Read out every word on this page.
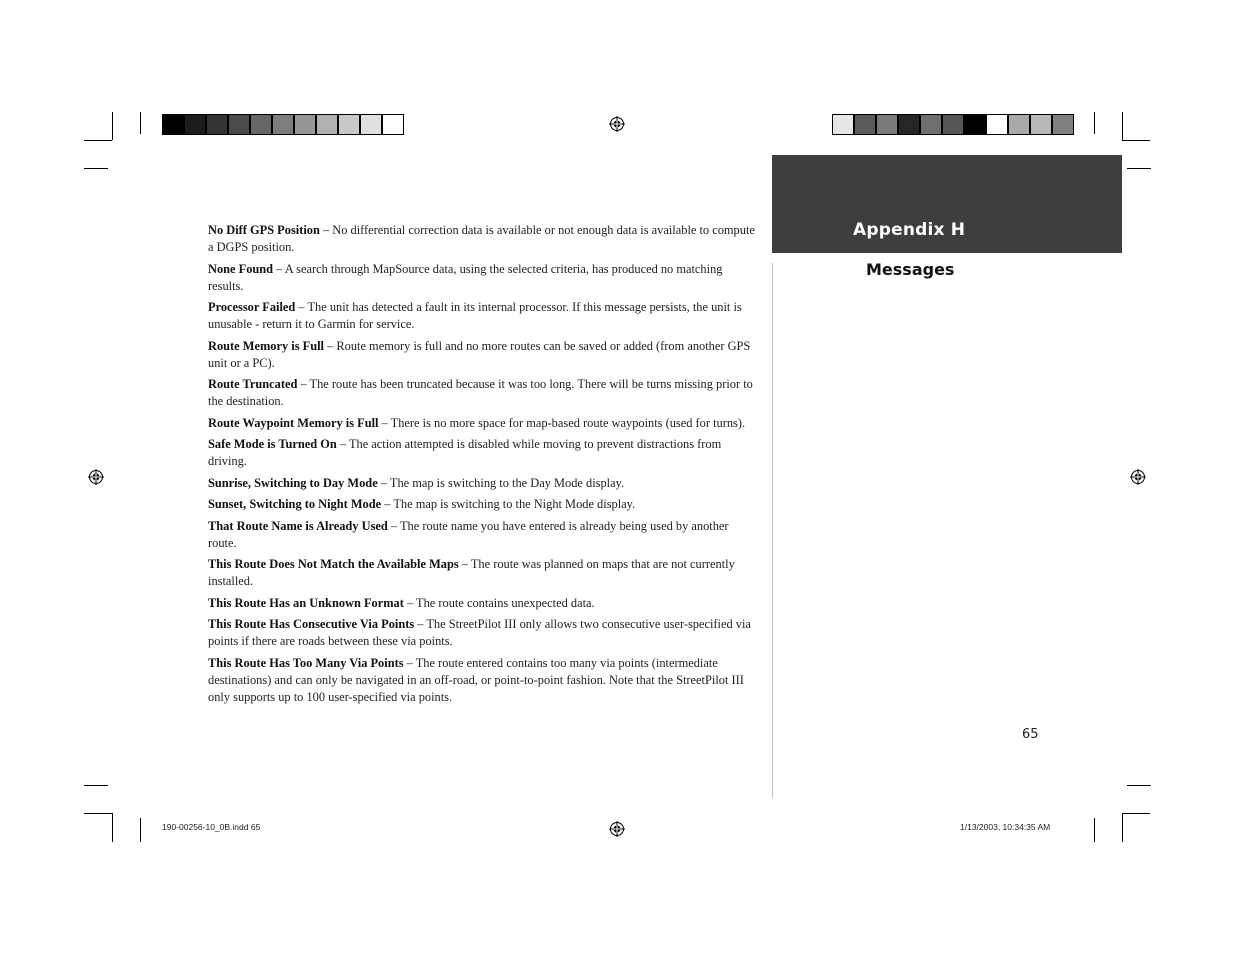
Appendix H
Messages
No Diff GPS Position – No differential correction data is available or not enough data is available to compute a DGPS position.
None Found – A search through MapSource data, using the selected criteria, has produced no matching results.
Processor Failed – The unit has detected a fault in its internal processor. If this message persists, the unit is unusable - return it to Garmin for service.
Route Memory is Full – Route memory is full and no more routes can be saved or added (from another GPS unit or a PC).
Route Truncated – The route has been truncated because it was too long. There will be turns missing prior to the destination.
Route Waypoint Memory is Full – There is no more space for map-based route waypoints (used for turns).
Safe Mode is Turned On – The action attempted is disabled while moving to prevent distractions from driving.
Sunrise, Switching to Day Mode – The map is switching to the Day Mode display.
Sunset, Switching to Night Mode – The map is switching to the Night Mode display.
That Route Name is Already Used – The route name you have entered is already being used by another route.
This Route Does Not Match the Available Maps – The route was planned on maps that are not currently installed.
This Route Has an Unknown Format – The route contains unexpected data.
This Route Has Consecutive Via Points – The StreetPilot III only allows two consecutive user-specified via points if there are roads between these via points.
This Route Has Too Many Via Points – The route entered contains too many via points (intermediate destinations) and can only be navigated in an off-road, or point-to-point fashion. Note that the StreetPilot III only supports up to 100 user-specified via points.
65
190-00256-10_0B.indd 65	1/13/2003, 10:34:35 AM
